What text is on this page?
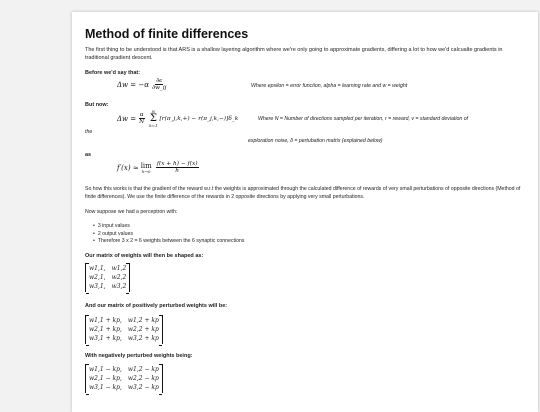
Method of finite differences

The first thing to be understood is that ARS is a shallow layering algorithm where we're only going to approximate gradients, differing a lot to how we'd calcualte gradients in traditional gradient descent.

Before we'd say that:

$\Delta w = -\alpha \frac{\partial\epsilon}{\partial w\_ij}$	Where epsilon = error function, alpha = learning rate and w = weight

But now:

$\Delta w = \frac{\alpha}{N}$
N
Σ
k=1
[r(π_j,k,+) − r(π_j,k,−)]δ_k	Where N = Number of directions sampled per iteration, r = reward, v = standard deviation of
the
exploration noise, δ = pertubation matrix (explained below)

as

f′(x) ≈ lim
$h\to 0 \frac{f(x + h) - f(x)}{h}$

So how this works is that the gradient of the reward w.r.t the weights is approximated through the calculated difference of rewards of very small perturbations of opposite directions (Method of finite differences). We use the finite difference of the rewards in 2 opposite directions by applying very small perturbations.

Now suppose we had a perceptron with:

• 3 input values
• 2 output values
• Therefore 3 x 2 = 6 weights between the 6 synaptic connections

Our matrix of weights will then be shaped as:

w1,1, w1,2
w2,1, w2,2
w3,1, w3,2

And our matrix of positively perturbed weights will be:

w1,1 + kp, w1,2 + kp
w2,1 + kp, w2,2 + kp
w3,1 + kp, w3,2 + kp

With negatively perturbed weights being:

w1,1 − kp, w1,2 − kp
w2,1 − kp, w2,2 − kp
w3,1 − kp, w3,2 − kp
